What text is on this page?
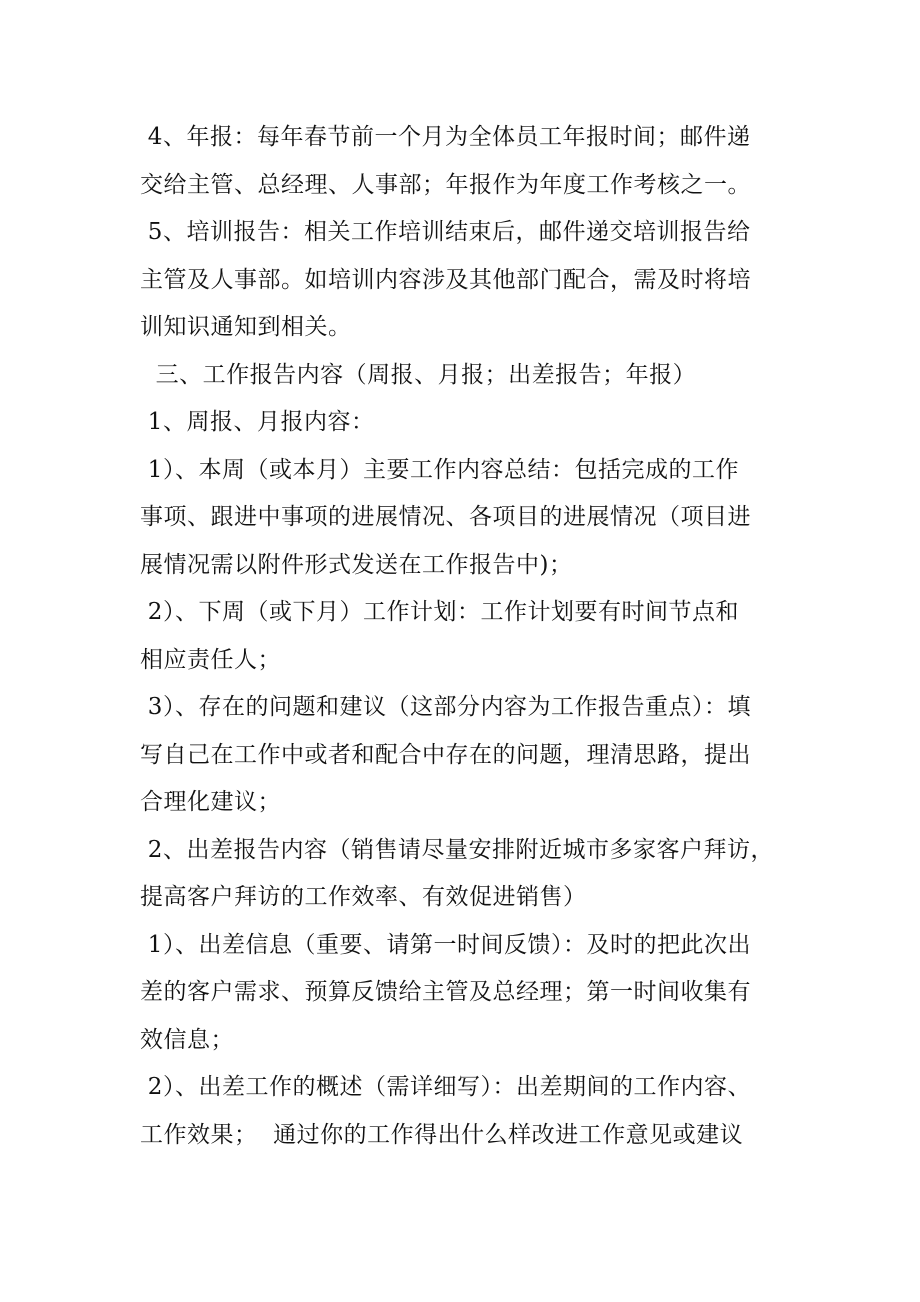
4、年报：每年春节前一个月为全体员工年报时间；邮件递
交给主管、总经理、人事部；年报作为年度工作考核之一。
5、培训报告：相关工作培训结束后，邮件递交培训报告给
主管及人事部。如培训内容涉及其他部门配合，需及时将培
训知识通知到相关。
三、工作报告内容（周报、月报；出差报告；年报）
1、周报、月报内容：
1）、本周（或本月）主要工作内容总结：包括完成的工作
事项、跟进中事项的进展情况、各项目的进展情况（项目进
展情况需以附件形式发送在工作报告中)；
2）、下周（或下月）工作计划：工作计划要有时间节点和
相应责任人；
3）、存在的问题和建议（这部分内容为工作报告重点）：填
写自己在工作中或者和配合中存在的问题，理清思路，提出
合理化建议；
2、出差报告内容（销售请尽量安排附近城市多家客户拜访，
提高客户拜访的工作效率、有效促进销售）
1）、出差信息（重要、请第一时间反馈）：及时的把此次出
差的客户需求、预算反馈给主管及总经理；第一时间收集有
效信息；
2）、出差工作的概述（需详细写）：出差期间的工作内容、
工作效果；  通过你的工作得出什么样改进工作意见或建议
